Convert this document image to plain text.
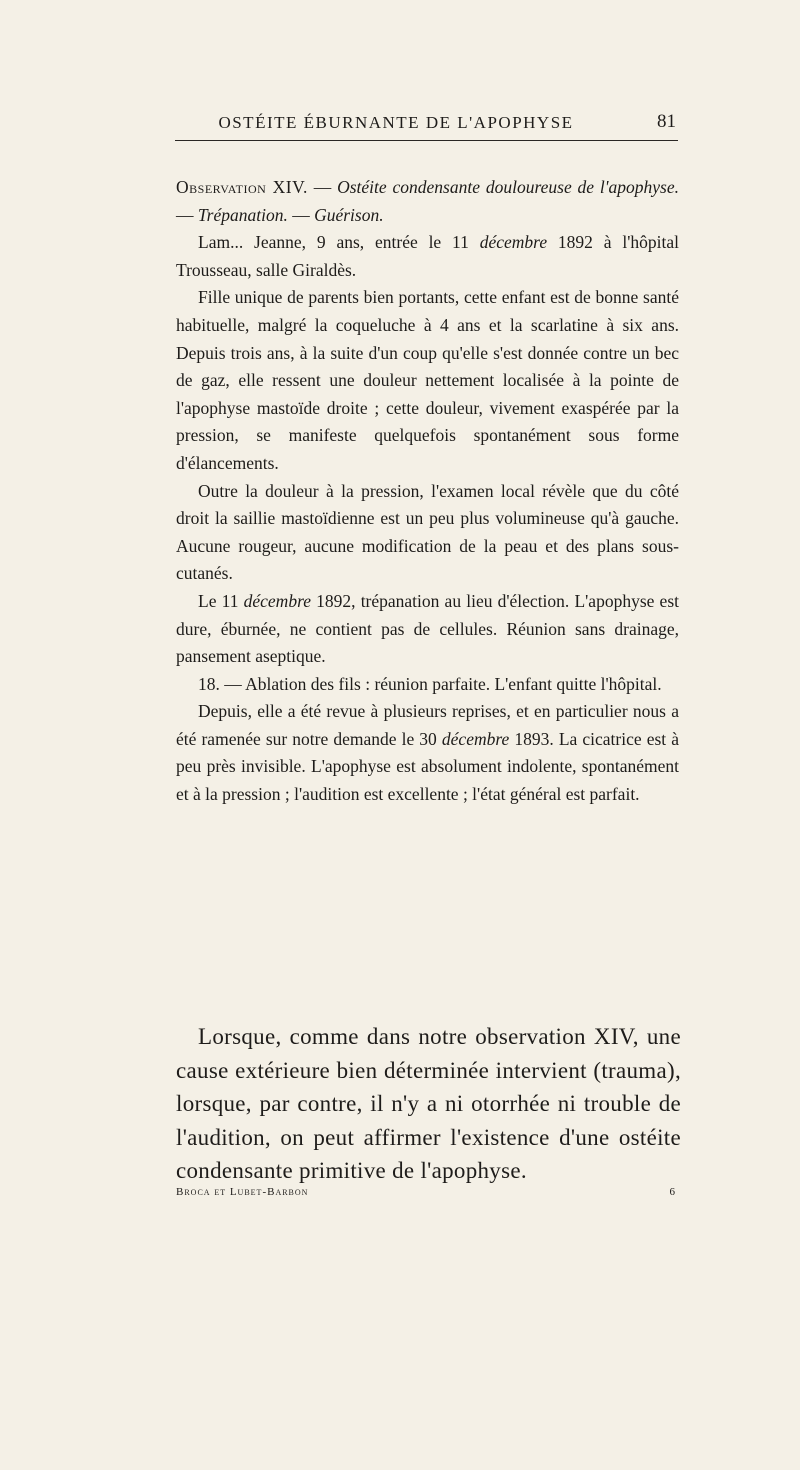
OSTÉITE ÉBURNANTE DE L'APOPHYSE	81

Observation XIV. — Ostéite condensante douloureuse de l'apophyse. — Trépanation. — Guérison.

Lam... Jeanne, 9 ans, entrée le 11 décembre 1892 à l'hôpital Trousseau, salle Giraldès.

Fille unique de parents bien portants, cette enfant est de bonne santé habituelle, malgré la coqueluche à 4 ans et la scarlatine à six ans. Depuis trois ans, à la suite d'un coup qu'elle s'est donnée contre un bec de gaz, elle ressent une douleur nettement localisée à la pointe de l'apophyse mastoïde droite ; cette douleur, vivement exaspérée par la pression, se manifeste quelquefois spontanément sous forme d'élancements.

Outre la douleur à la pression, l'examen local révèle que du côté droit la saillie mastoïdienne est un peu plus volumineuse qu'à gauche. Aucune rougeur, aucune modification de la peau et des plans sous-cutanés.

Le 11 décembre 1892, trépanation au lieu d'élection. L'apophyse est dure, éburnée, ne contient pas de cellules. Réunion sans drainage, pansement aseptique.

18. — Ablation des fils : réunion parfaite. L'enfant quitte l'hôpital.

Depuis, elle a été revue à plusieurs reprises, et en particulier nous a été ramenée sur notre demande le 30 décembre 1893. La cicatrice est à peu près invisible. L'apophyse est absolument indolente, spontanément et à la pression ; l'audition est excellente ; l'état général est parfait.

Lorsque, comme dans notre observation XIV, une cause extérieure bien déterminée intervient (trauma), lorsque, par contre, il n'y a ni otorrhée ni trouble de l'audition, on peut affirmer l'existence d'une ostéite condensante primitive de l'apophyse.

Broca et Lubet-Barbon	6
